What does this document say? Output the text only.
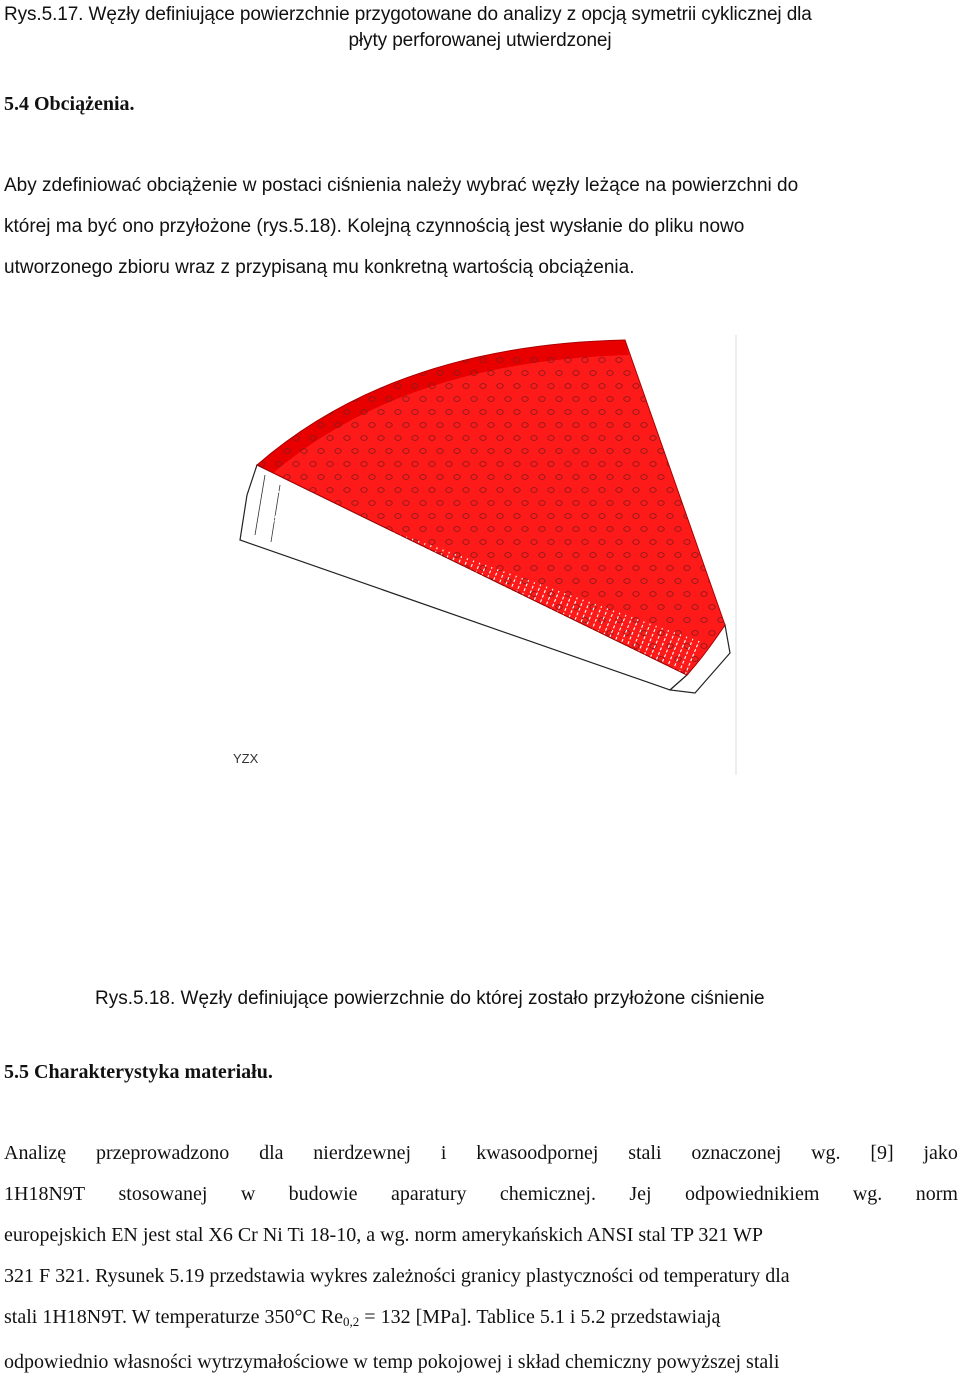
Rys.5.17. Węzły definiujące powierzchnie przygotowane do analizy z opcją symetrii cyklicznej dla
płyty perforowanej utwierdzonej
5.4 Obciążenia.
Aby zdefiniować obciążenie w postaci ciśnienia należy wybrać węzły leżące na powierzchni do
której ma być ono przyłożone (rys.5.18). Kolejną czynnością jest wysłanie do pliku nowo
utworzonego zbioru wraz z przypisaną mu konkretną wartością obciążenia.
YZX
Rys.5.18. Węzły definiujące powierzchnie do której zostało przyłożone ciśnienie
5.5 Charakterystyka materiału.
Analizę przeprowadzono dla nierdzewnej i kwasoodpornej stali oznaczonej wg. [9] jako
1H18N9T stosowanej w budowie aparatury chemicznej. Jej odpowiednikiem wg. norm
europejskich EN jest stal X6 Cr Ni Ti 18-10, a wg. norm amerykańskich ANSI stal TP 321 WP
321 F 321. Rysunek 5.19 przedstawia wykres zależności granicy plastyczności od temperatury dla
stali 1H18N9T. W temperaturze 350°C $Re_{0,2} = 132$ [MPa]. Tablice 5.1 i 5.2 przedstawiają
odpowiednio własności wytrzymałościowe w temp pokojowej i skład chemiczny powyższej stali
